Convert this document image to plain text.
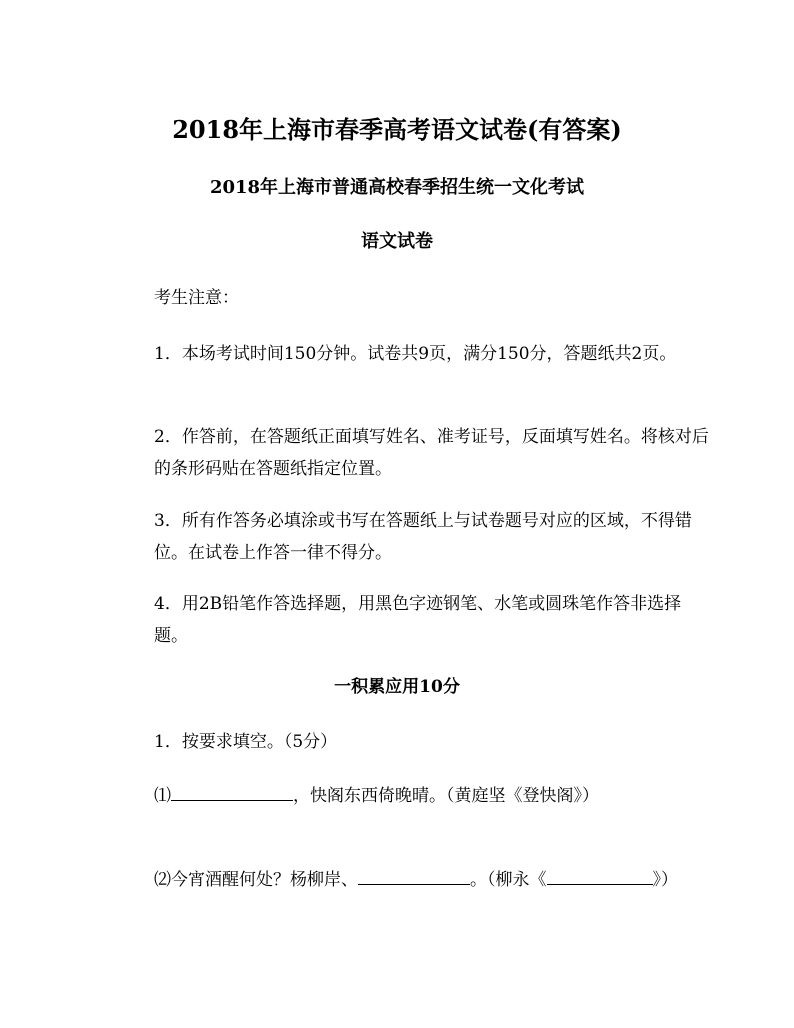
2018年上海市春季高考语文试卷(有答案)
2018年上海市普通高校春季招生统一文化考试
语文试卷
考生注意：
1．本场考试时间150分钟。试卷共9页，满分150分，答题纸共2页。
2．作答前，在答题纸正面填写姓名、准考证号，反面填写姓名。将核对后的条形码贴在答题纸指定位置。
3．所有作答务必填涂或书写在答题纸上与试卷题号对应的区域，不得错位。在试卷上作答一律不得分。
4．用2B铅笔作答选择题，用黑色字迹钢笔、水笔或圆珠笔作答非选择题。
一积累应用10分
1．按要求填空。（5分）
⑴	，快阁东西倚晚晴。（黄庭坚《登快阁》）
⑵今宵酒醒何处？杨柳岸、	。（柳永《	》）
